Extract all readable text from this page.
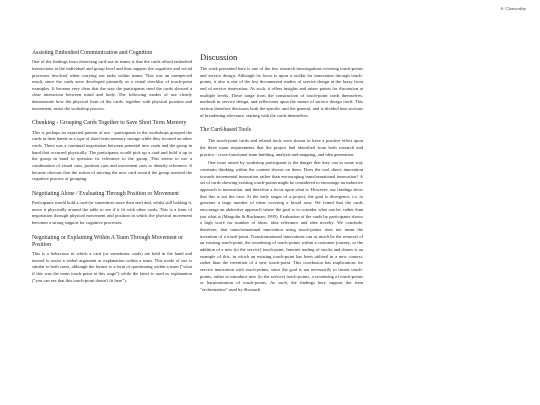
S. Clatworthy
Assisting Embodied Communication and Cognition

One of the findings from observing card-use in teams is that the cards afford embodied interactions at the individual and group level and thus support the cognitive and social processes involved when carrying out tasks within teams. This was an unexpected result, since the cards were developed primarily as a visual checklist of touch-point examples. It became very clear that the way the participants used the cards showed a clear interaction between mind and body. The following modes of use clearly demonstrate how the physical form of the cards, together with physical position and movement, assist the workshop process.

Chunking - Grouping Cards Together to Save Short Term Memory

This is perhaps an expected pattern of use - participants in the workshops grouped the cards in their hands as a type of short-term memory storage while they focused on other cards. There was a continual negotiation between potential new cards and the group in hand that occurred physically. The participants would pick up a card and hold it up to the group in hand to question its relevance to the group. This seems to use a combination of visual cues, position cues and movement cues to identify relevance. It became obvious that the action of moving the new card toward the group assisted the cognitive process of grouping.

Negotiating Alone / Evaluating Through Position or Movement

Participants would hold a card (or sometimes more than one) and, whilst still holding it, move it physically around the table to see if it fit with other cards. This is a form of negotiation through physical movement and position in which the physical movement becomes a strong support for cognitive processes.

Negotiating or Explaining Within A Team Through Movement or Position

This is a behaviour in which a card (or sometimes cards) are held in the hand and moved to assist a verbal argument or explanation within a team. This mode of use is similar to both cases, although the former is a form of questioning within a team ("what if this was the main touch-point at this stage") while the latter is used as explanation ("you can see that this touch-point doesn't fit here").

Discussion

The work presented here is one of the few research investigations covering touch-points and service design. Although its focus is upon a toolkit for innovation through touch-points, it also is one of the few documented studies of service design at the fuzzy front end of service innovation. As such, it offers insights and raises points for discussion at multiple levels. These range from the construction of touch-point cards themselves, methods in service design, and reflections upon the nature of service design itself. This section therefore discusses both the specific and the general, and is divided into sections of broadening relevance, starting with the cards themselves.

The Card-based Tools

The touch-point cards and related tools were shown to have a positive effect upon the three main requirements that the project had identified from both research and practice - cross-functional team building, analysis and mapping, and idea generation.

One issue raised by workshop participants is the danger that they can in some way constrain thinking within the content shown on them. Does the tool direct innovation towards incremental innovation rather than encouraging transformational innovation? A set of cards showing existing touch-points might be considered to encourage an inductive approach to innovation, and therefore a focus upon what is. However, our findings show that this is not the case. At the early stages of a project, the goal is divergence, i.e. to generate a large number of ideas covering a broad area. We found that the cards encourage an abductive approach where the goal is to consider what can be, rather than just what is (Margolin & Buchanan, 1995). Evaluation of the cards by participants shows a high score for number of ideas, idea relevance and idea novelty. We conclude, therefore, that transformational innovation using touch-points does not mean the invention of a touch-point. Transformational innovations can as much be the removal of an existing touch-point, the reordering of touch-points within a customer journey, or the addition of a new (to the service) touch-point. Internet trading of stocks and shares is an example of this, in which an existing touch-point has been utilised in a new context, rather than the invention of a new touch-point. This conclusion has implications for service innovation with touch-points, since the goal is not necessarily to invent touch-points, rather to introduce new (to the service) touch-points, a reordering of touch-points or harmonisation of touch-points. As such, the findings here support the term "orchestration" used by Shostack
